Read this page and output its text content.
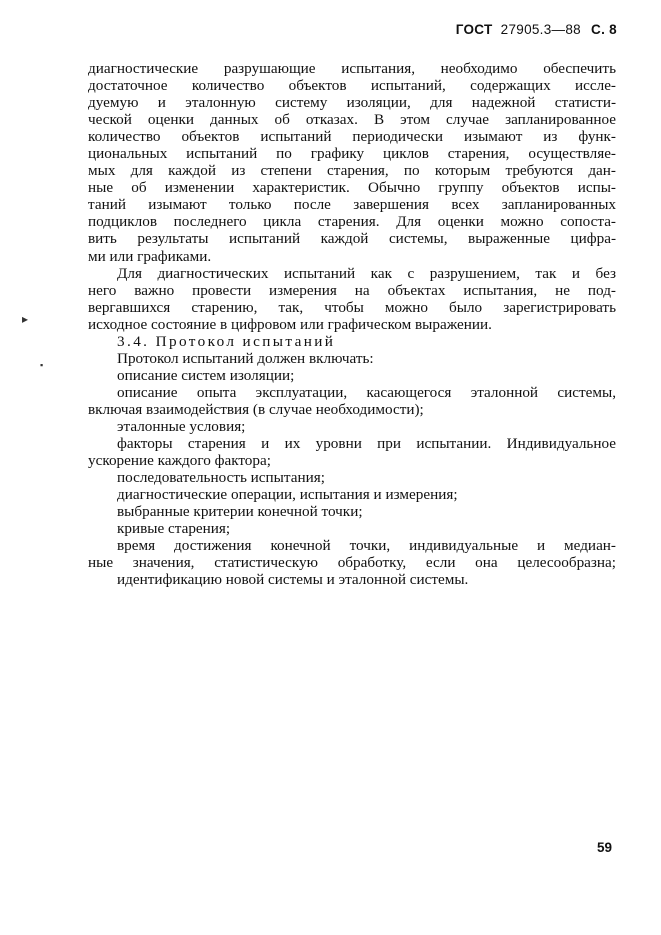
ГОСТ 27905.3—88 С. 8
диагностические разрушающие испытания, необходимо обеспечить
достаточное количество объектов испытаний, содержащих иссле-
дуемую и эталонную систему изоляции, для надежной статисти-
ческой оценки данных об отказах. В этом случае запланированное
количество объектов испытаний периодически изымают из функ-
циональных испытаний по графику циклов старения, осуществляе-
мых для каждой из степени старения, по которым требуются дан-
ные об изменении характеристик. Обычно группу объектов испы-
таний изымают только после завершения всех запланированных
подциклов последнего цикла старения. Для оценки можно сопоста-
вить результаты испытаний каждой системы, выраженные цифра-
ми или графиками.
Для диагностических испытаний как с разрушением, так и без
него важно провести измерения на объектах испытания, не под-
вергавшихся старению, так, чтобы можно было зарегистрировать
исходное состояние в цифровом или графическом выражении.
3.4. Протокол испытаний
Протокол испытаний должен включать:
описание систем изоляции;
описание опыта эксплуатации, касающегося эталонной системы,
включая взаимодействия (в случае необходимости);
эталонные условия;
факторы старения и их уровни при испытании. Индивидуальное
ускорение каждого фактора;
последовательность испытания;
диагностические операции, испытания и измерения;
выбранные критерии конечной точки;
кривые старения;
время достижения конечной точки, индивидуальные и медиан-
ные значения, статистическую обработку, если она целесообразна;
идентификацию новой системы и эталонной системы.
59
▸
▪
